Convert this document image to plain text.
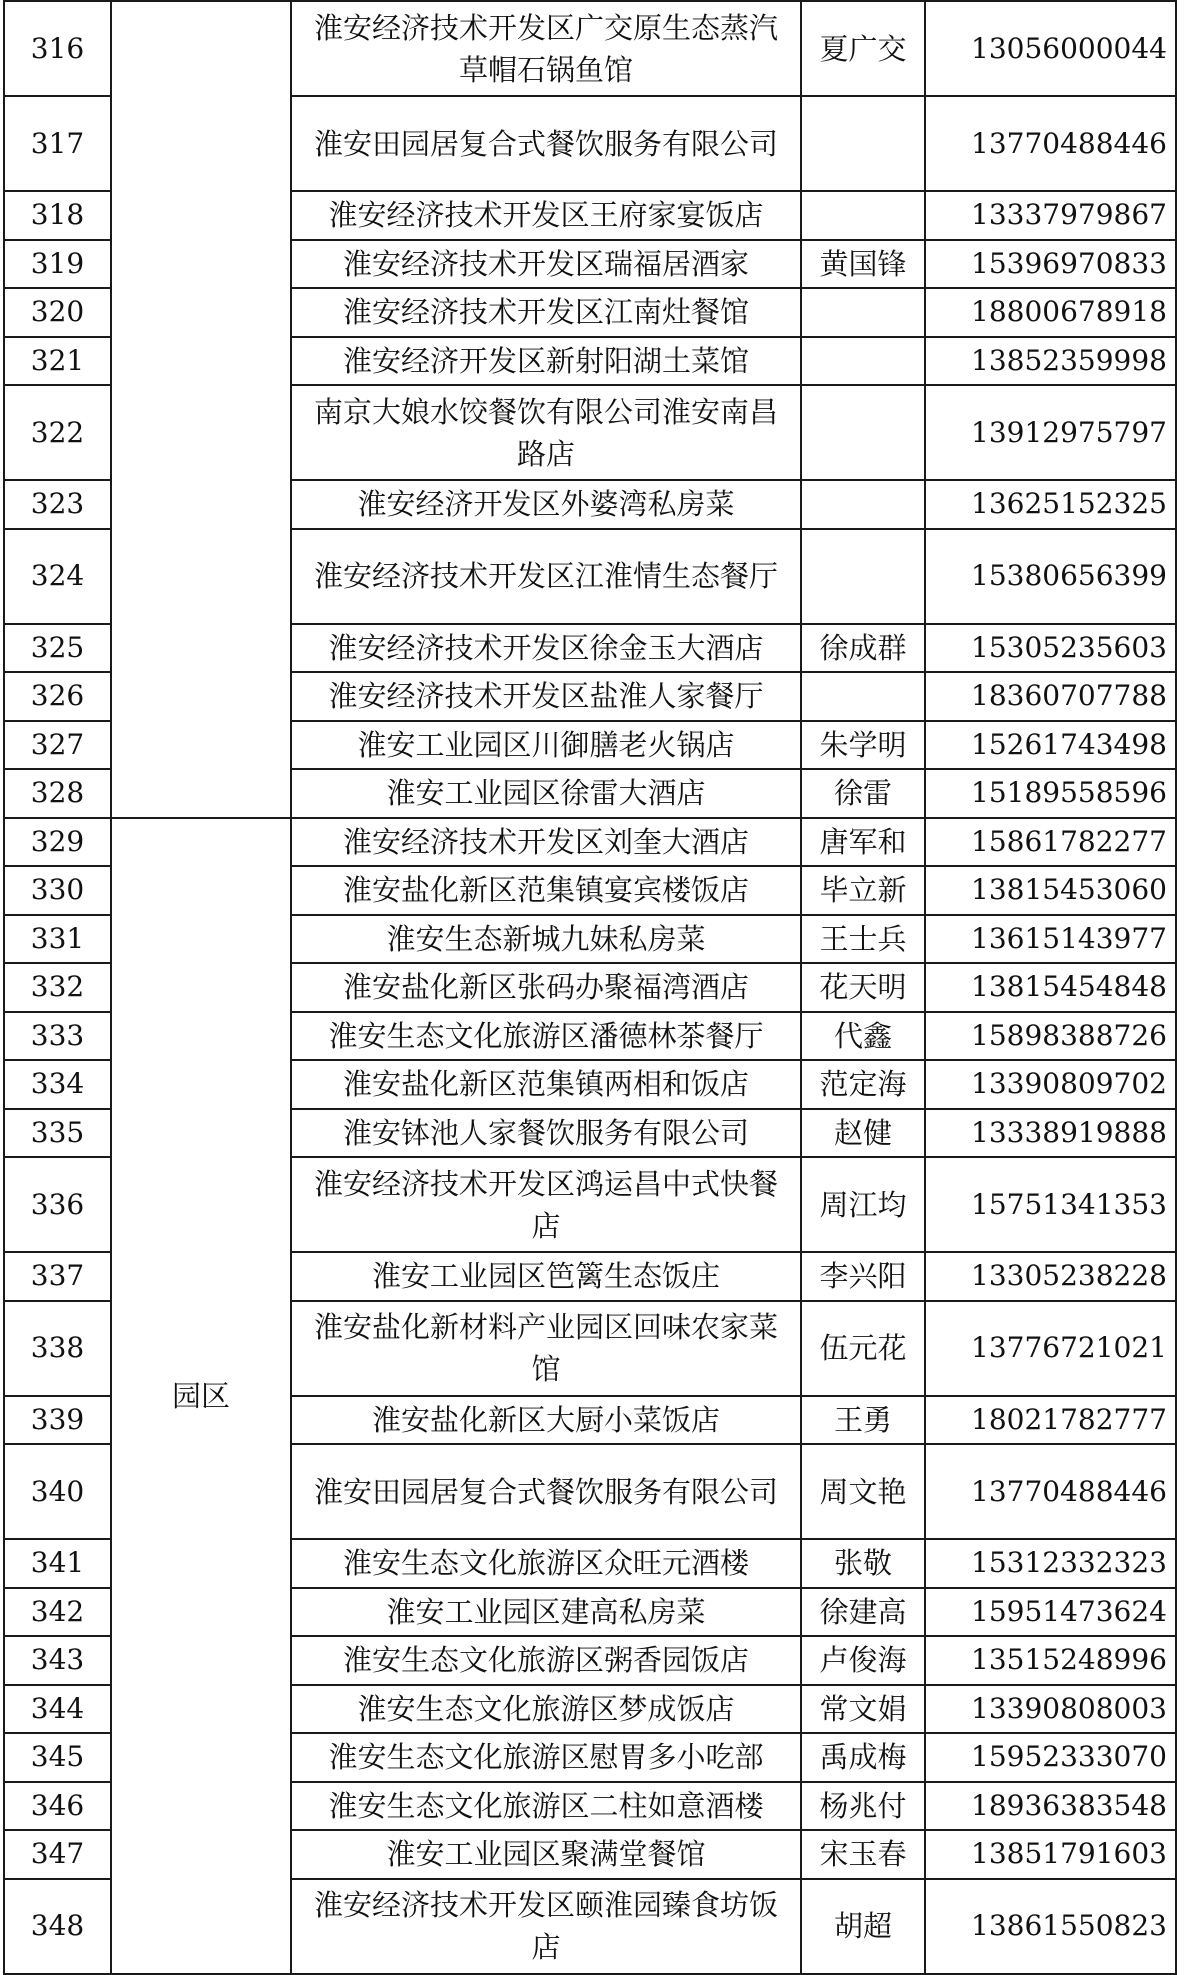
316		淮安经济技术开发区广交原生态蒸汽草帽石锅鱼馆	夏广交	13056000044
317		淮安田园居复合式餐饮服务有限公司		13770488446
318		淮安经济技术开发区王府家宴饭店		13337979867
319		淮安经济技术开发区瑞福居酒家	黄国锋	15396970833
320		淮安经济技术开发区江南灶餐馆		18800678918
321		淮安经济开发区新射阳湖土菜馆		13852359998
322		南京大娘水饺餐饮有限公司淮安南昌路店		13912975797
323		淮安经济开发区外婆湾私房菜		13625152325
324		淮安经济技术开发区江淮情生态餐厅		15380656399
325		淮安经济技术开发区徐金玉大酒店	徐成群	15305235603
326		淮安经济技术开发区盐淮人家餐厅		18360707788
327		淮安工业园区川御膳老火锅店	朱学明	15261743498
328		淮安工业园区徐雷大酒店	徐雷	15189558596
329	园区	淮安经济技术开发区刘奎大酒店	唐军和	15861782277
330		淮安盐化新区范集镇宴宾楼饭店	毕立新	13815453060
331		淮安生态新城九妹私房菜	王士兵	13615143977
332		淮安盐化新区张码办聚福湾酒店	花天明	13815454848
333		淮安生态文化旅游区潘德林茶餐厅	代鑫	15898388726
334		淮安盐化新区范集镇两相和饭店	范定海	13390809702
335		淮安钵池人家餐饮服务有限公司	赵健	13338919888
336		淮安经济技术开发区鸿运昌中式快餐店	周江均	15751341353
337		淮安工业园区笆篱生态饭庄	李兴阳	13305238228
338		淮安盐化新材料产业园区回味农家菜馆	伍元花	13776721021
339		淮安盐化新区大厨小菜饭店	王勇	18021782777
340		淮安田园居复合式餐饮服务有限公司	周文艳	13770488446
341		淮安生态文化旅游区众旺元酒楼	张敬	15312332323
342		淮安工业园区建高私房菜	徐建高	15951473624
343		淮安生态文化旅游区粥香园饭店	卢俊海	13515248996
344		淮安生态文化旅游区梦成饭店	常文娟	13390808003
345		淮安生态文化旅游区慰胃多小吃部	禹成梅	15952333070
346		淮安生态文化旅游区二柱如意酒楼	杨兆付	18936383548
347		淮安工业园区聚满堂餐馆	宋玉春	13851791603
348		淮安经济技术开发区颐淮园臻食坊饭店	胡超	13861550823
